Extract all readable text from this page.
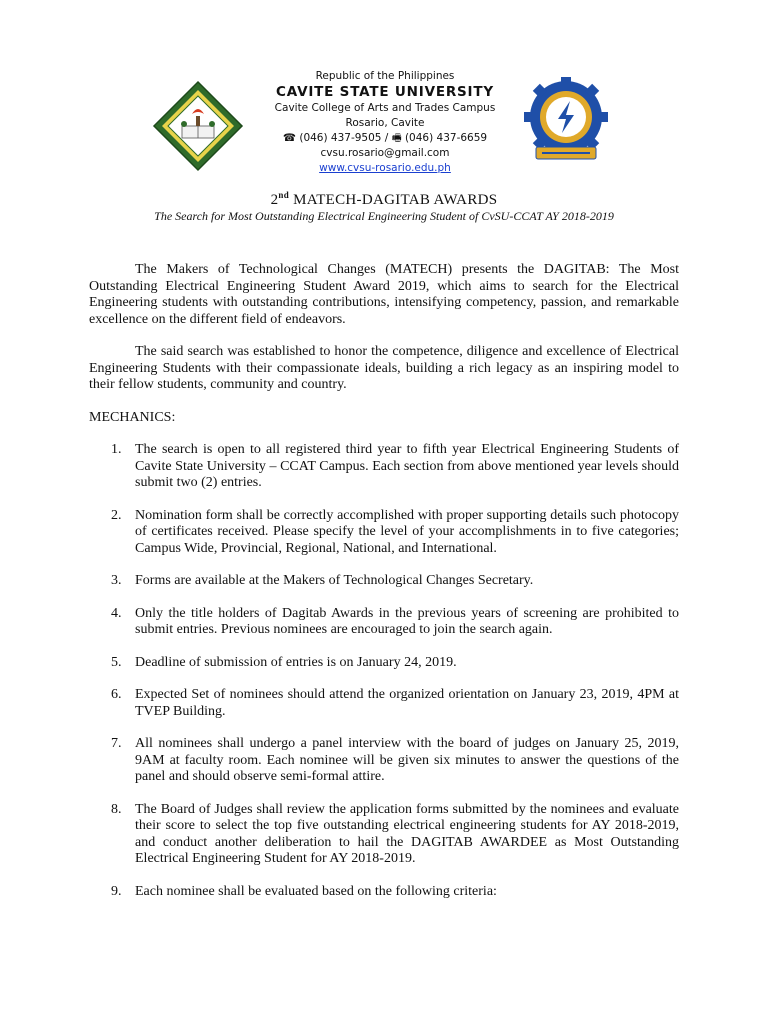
Republic of the Philippines
CAVITE STATE UNIVERSITY
Cavite College of Arts and Trades Campus
Rosario, Cavite
☎ (046) 437-9505 / 🖷 (046) 437-6659
cvsu.rosario@gmail.com
www.cvsu-rosario.edu.ph
2nd MATECH-DAGITAB AWARDS
The Search for Most Outstanding Electrical Engineering Student of CvSU-CCAT AY 2018-2019

The Makers of Technological Changes (MATECH) presents the DAGITAB: The Most Outstanding Electrical Engineering Student Award 2019, which aims to search for the Electrical Engineering students with outstanding contributions, intensifying competency, passion, and remarkable excellence on the different field of endeavors.

The said search was established to honor the competence, diligence and excellence of Electrical Engineering Students with their compassionate ideals, building a rich legacy as an inspiring model to their fellow students, community and country.

MECHANICS:
1. The search is open to all registered third year to fifth year Electrical Engineering Students of Cavite State University – CCAT Campus. Each section from above mentioned year levels should submit two (2) entries.
2. Nomination form shall be correctly accomplished with proper supporting details such photocopy of certificates received. Please specify the level of your accomplishments in to five categories; Campus Wide, Provincial, Regional, National, and International.
3. Forms are available at the Makers of Technological Changes Secretary.
4. Only the title holders of Dagitab Awards in the previous years of screening are prohibited to submit entries. Previous nominees are encouraged to join the search again.
5. Deadline of submission of entries is on January 24, 2019.
6. Expected Set of nominees should attend the organized orientation on January 23, 2019, 4PM at TVEP Building.
7. All nominees shall undergo a panel interview with the board of judges on January 25, 2019, 9AM at faculty room. Each nominee will be given six minutes to answer the questions of the panel and should observe semi-formal attire.
8. The Board of Judges shall review the application forms submitted by the nominees and evaluate their score to select the top five outstanding electrical engineering students for AY 2018-2019, and conduct another deliberation to hail the DAGITAB AWARDEE as Most Outstanding Electrical Engineering Student for AY 2018-2019.
9. Each nominee shall be evaluated based on the following criteria:
